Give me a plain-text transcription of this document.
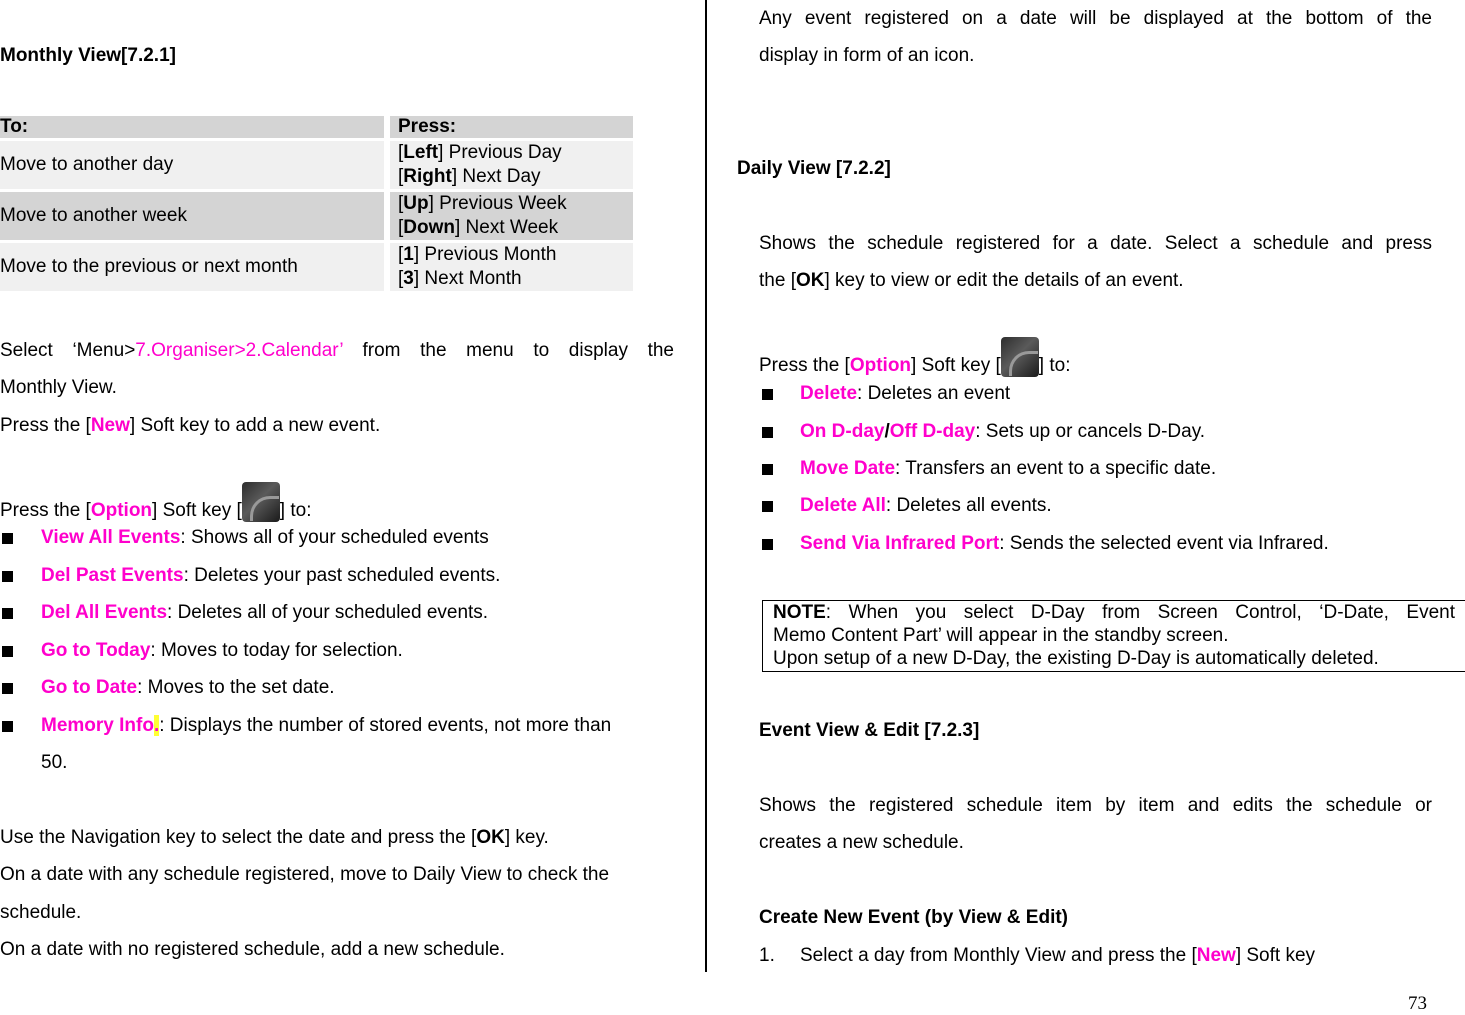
Monthly View[7.2.1]
To:	Press:
Move to another day	[Left] Previous Day
[Right] Next Day
Move to another week	[Up] Previous Week
[Down] Next Week
Move to the previous or next month	[1] Previous Month
[3] Next Month
Select ‘Menu>7.Organiser>2.Calendar’ from the menu to display the
Monthly View.
Press the [New] Soft key to add a new event.
Press the [Option] Soft key [ ] to:
View All Events: Shows all of your scheduled events
Del Past Events: Deletes your past scheduled events.
Del All Events: Deletes all of your scheduled events.
Go to Today: Moves to today for selection.
Go to Date: Moves to the set date.
Memory Info.: Displays the number of stored events, not more than
50.
Use the Navigation key to select the date and press the [OK] key.
On a date with any schedule registered, move to Daily View to check the
schedule.
On a date with no registered schedule, add a new schedule.
Any event registered on a date will be displayed at the bottom of the
display in form of an icon.
Daily View [7.2.2]
Shows the schedule registered for a date. Select a schedule and press
the [OK] key to view or edit the details of an event.
Press the [Option] Soft key [ ] to:
Delete: Deletes an event
On D-day/Off D-day: Sets up or cancels D-Day.
Move Date: Transfers an event to a specific date.
Delete All: Deletes all events.
Send Via Infrared Port: Sends the selected event via Infrared.
NOTE: When you select D-Day from Screen Control, ‘D-Date, Event
Memo Content Part’ will appear in the standby screen.
Upon setup of a new D-Day, the existing D-Day is automatically deleted.
Event View & Edit [7.2.3]
Shows the registered schedule item by item and edits the schedule or
creates a new schedule.
Create New Event (by View & Edit)
1. Select a day from Monthly View and press the [New] Soft key
73
